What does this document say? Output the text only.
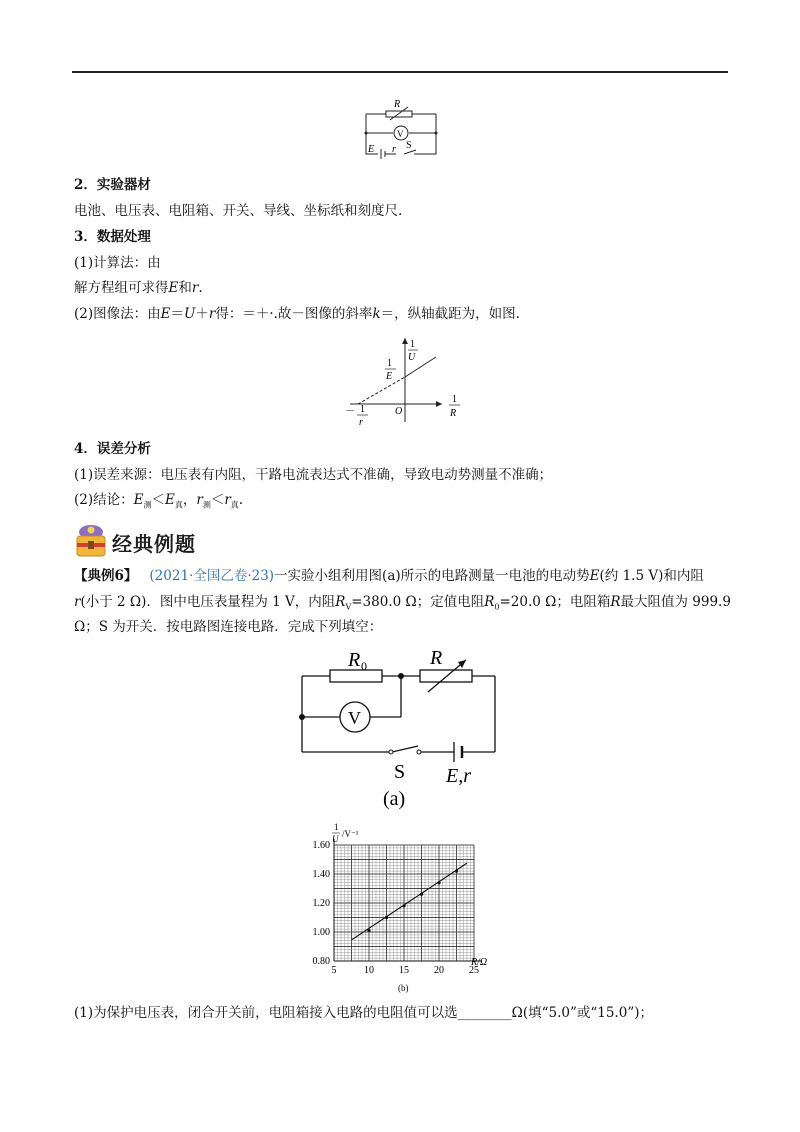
R
V
E r S
2．实验器材
电池、电压表、电阻箱、开关、导线、坐标纸和刻度尺.
3．数据处理
(1)计算法：由
解方程组可求得E和r.
(2)图像法：由E＝U＋r得：＝＋·.故－图像的斜率k＝，纵轴截距为，如图.
1
U
1
E
1
R
－ 1
r
O
4．误差分析
(1)误差来源：电压表有内阻，干路电流表达式不准确，导致电动势测量不准确；
(2)结论：$E_测<E_真$，$r_测<r_真$.
经典例题
【典例6】 (2021·全国乙卷·23)一实验小组利用图(a)所示的电路测量一电池的电动势E(约 1.5 V)和内阻
r(小于 2 Ω)．图中电压表量程为 1 V，内阻$R_V=380.0$ Ω；定值电阻$R_0=20.0$ Ω；电阻箱R最大阻值为 999.9
Ω；S 为开关．按电路图连接电路．完成下列填空：
R 0	R
V
S E,r
(a)
5	10	15	20	25
0.80
1.00
1.20
1.40
1.60
1
U /V⁻¹
R/Ω
(b)
(1)为保护电压表，闭合开关前，电阻箱接入电路的电阻值可以选________Ω(填“5.0”或“15.0”)；
